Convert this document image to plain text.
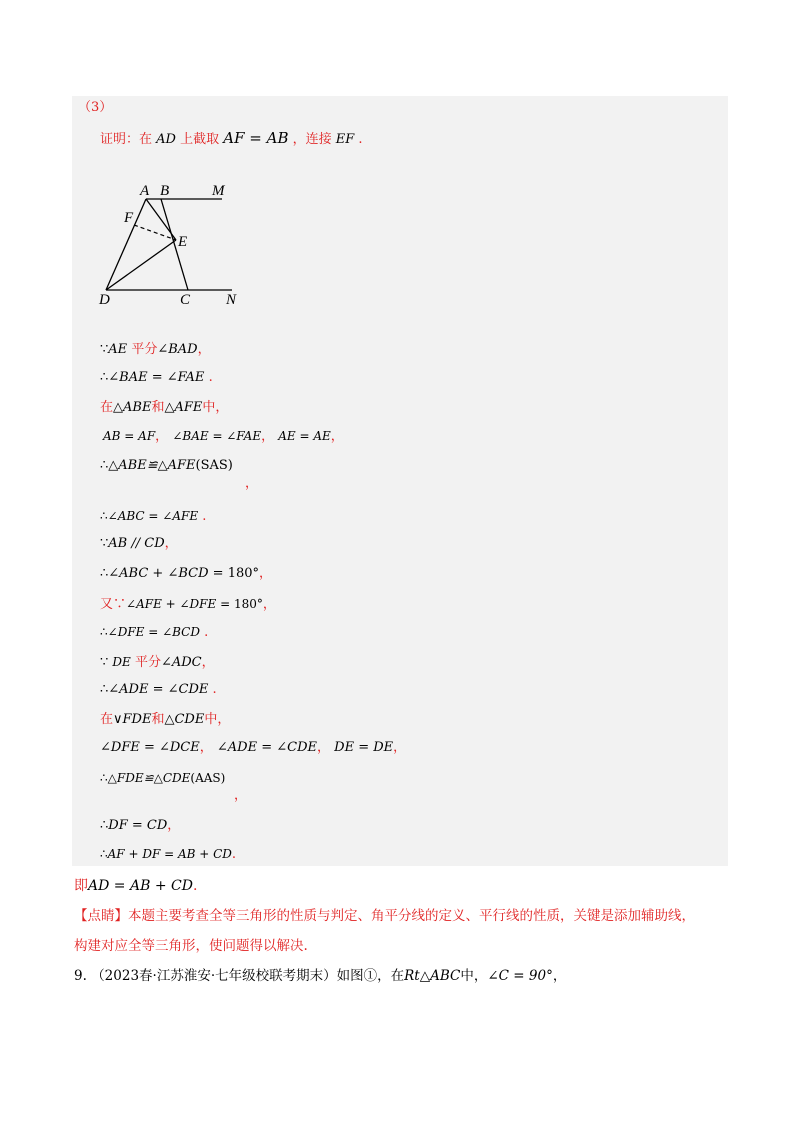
（3）
证明：在 AD 上截取 AF = AB ，连接 EF .
A B	M
F
E
D	C N
∵AE 平分∠BAD，
∴∠BAE = ∠FAE .
在△ABE和△AFE中，
AB = AF， ∠BAE = ∠FAE， AE = AE，
∴△ABE≌△AFE(SAS)
，
∴∠ABC = ∠AFE .
∵AB // CD，
∴∠ABC + ∠BCD = 180°，
又∵∠AFE + ∠DFE = 180°，
∴∠DFE = ∠BCD .
∵ DE 平分∠ADC，
∴∠ADE = ∠CDE .
在∨FDE和△CDE中，
∠DFE = ∠DCE， ∠ADE = ∠CDE， DE = DE，
∴△FDE≌△CDE(AAS)
，
∴DF = CD，
∴AF + DF = AB + CD.
即AD = AB + CD.
【点睛】本题主要考查全等三角形的性质与判定、角平分线的定义、平行线的性质，关键是添加辅助线，
构建对应全等三角形，使问题得以解决.
9. （2023春·江苏淮安·七年级校联考期末）如图①，在Rt△ABC中，∠C = 90°，
